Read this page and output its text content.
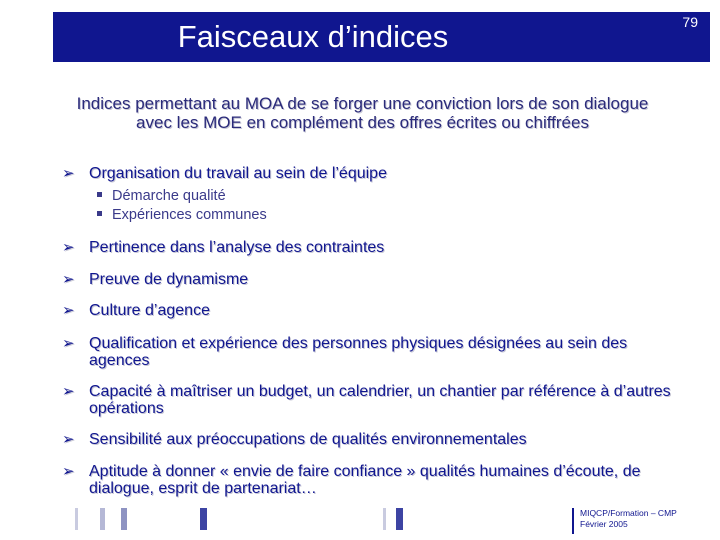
Faisceaux d’indices	79
Indices permettant au MOA de se forger une conviction lors de son dialogue avec les MOE en complément des offres écrites ou chiffrées
➢ Organisation du travail au sein de l’équipe
Démarche qualité
Expériences communes
➢ Pertinence dans l’analyse des contraintes
➢ Preuve de dynamisme
➢ Culture d’agence
➢ Qualification et expérience des personnes physiques désignées au sein des agences
➢ Capacité à maîtriser un budget, un calendrier, un chantier par référence à d’autres opérations
➢ Sensibilité aux préoccupations de qualités environnementales
➢ Aptitude à donner « envie de faire confiance » qualités humaines d’écoute, de dialogue, esprit de partenariat…
MIQCP/Formation – CMP
Février 2005
